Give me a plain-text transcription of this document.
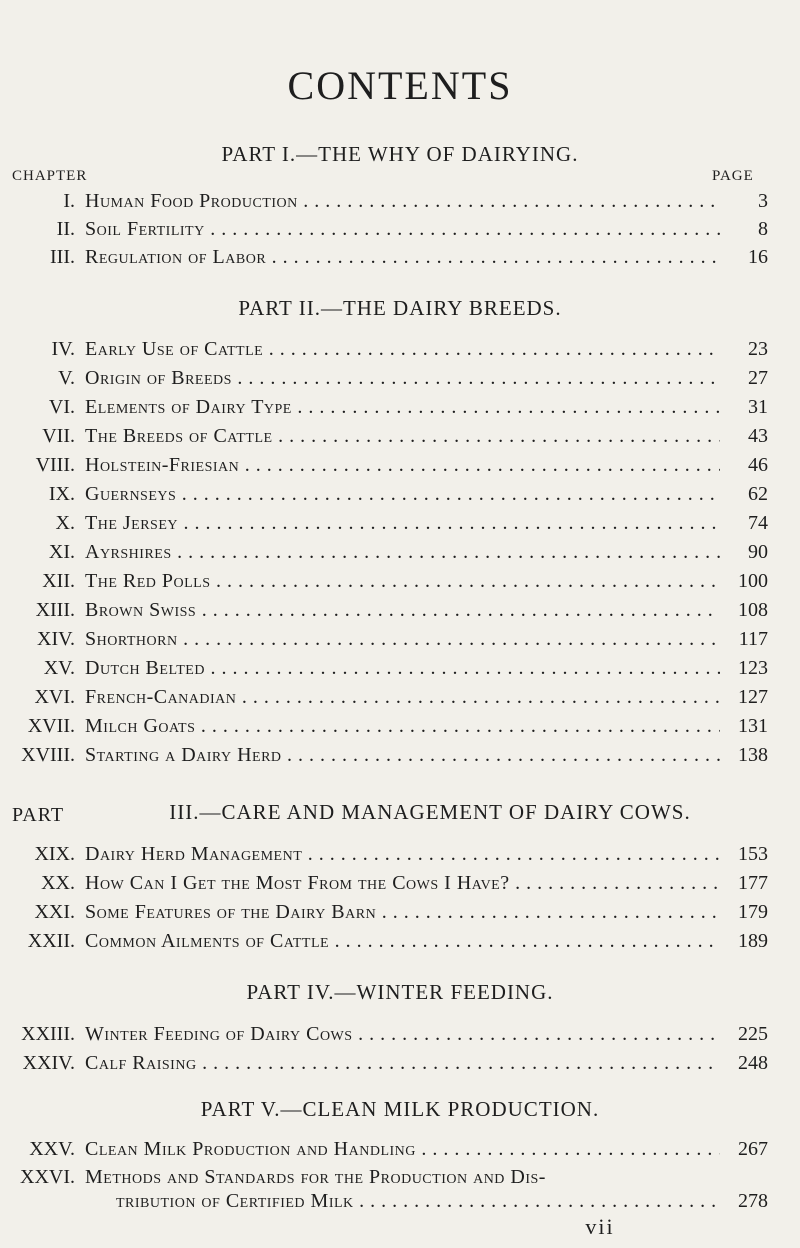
CONTENTS
PART I.—THE WHY OF DAIRYING.
CHAPTER	PAGE
I. Human Food Production . . .	3
II. Soil Fertility . . .	8
III. Regulation of Labor . . .	16
PART II.—THE DAIRY BREEDS.
IV. Early Use of Cattle . . .	23
V. Origin of Breeds . . .	27
VI. Elements of Dairy Type . . .	31
VII. The Breeds of Cattle . . .	43
VIII. Holstein-Friesian . . .	46
IX. Guernseys . . .	62
X. The Jersey . . .	74
XI. Ayrshires . . .	90
XII. The Red Polls . . .	100
XIII. Brown Swiss . . .	108
XIV. Shorthorn . . .	117
XV. Dutch Belted . . .	123
XVI. French-Canadian . . .	127
XVII. Milch Goats . . .	131
XVIII. Starting a Dairy Herd . . .	138
PART	III.—CARE AND MANAGEMENT OF DAIRY COWS.
XIX. Dairy Herd Management . . .	153
XX. How Can I Get the Most From the Cows I Have? . . .	177
XXI. Some Features of the Dairy Barn . . .	179
XXII. Common Ailments of Cattle . . .	189
PART IV.—WINTER FEEDING.
XXIII. Winter Feeding of Dairy Cows . . .	225
XXIV. Calf Raising . . .	248
PART V.—CLEAN MILK PRODUCTION.
XXV. Clean Milk Production and Handling . . .	267
XXVI. Methods and Standards for the Production and Dis-
tribution of Certified Milk . . .	278
vii
